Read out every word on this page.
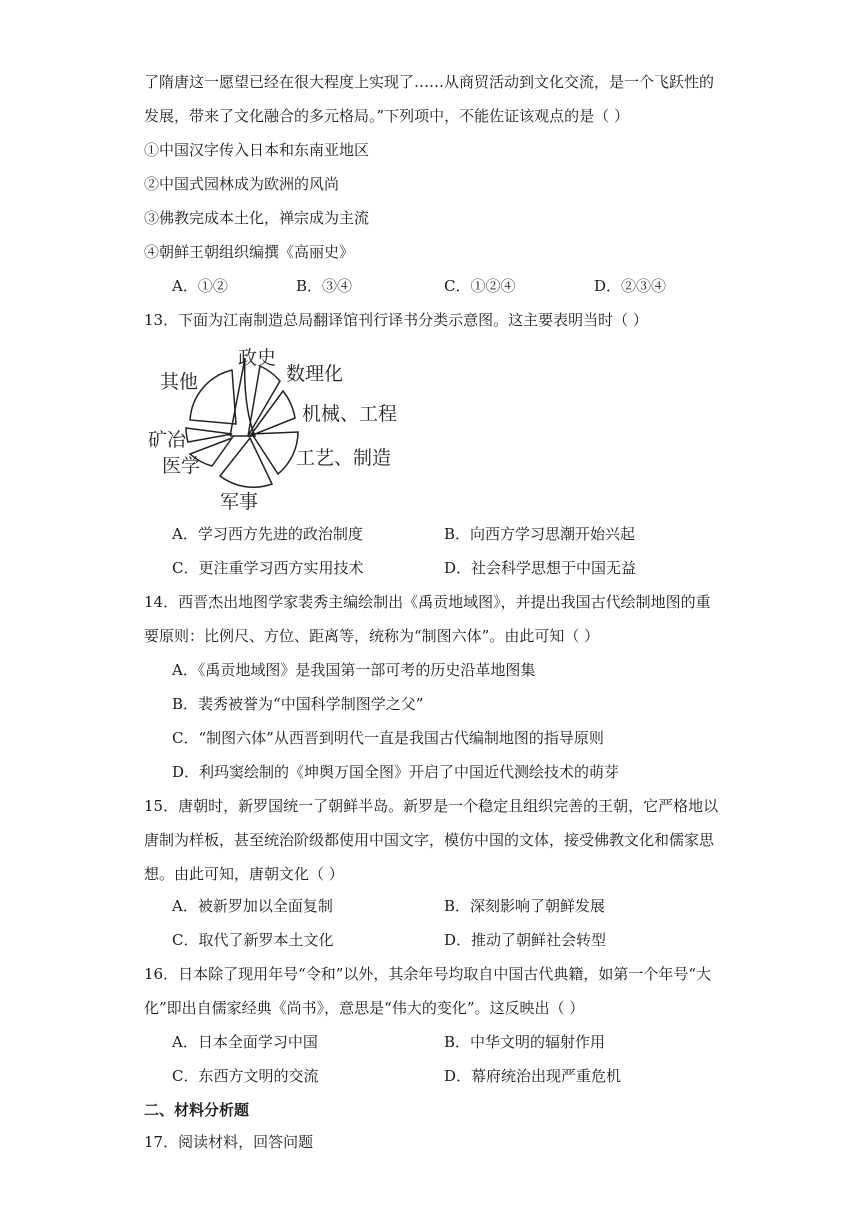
了隋唐这一愿望已经在很大程度上实现了……从商贸活动到文化交流，是一个飞跃性的
发展，带来了文化融合的多元格局。”下列项中，不能佐证该观点的是（ ）
①中国汉字传入日本和东南亚地区
②中国式园林成为欧洲的风尚
③佛教完成本土化，禅宗成为主流
④朝鲜王朝组织编撰《高丽史》
A．①②	B．③④	C．①②④	D．②③④
13．下面为江南制造总局翻译馆刊行译书分类示意图。这主要表明当时（ ）
政史
数理化
其他
机械、工程
矿冶
工艺、制造
医学
军事
A．学习西方先进的政治制度	B．向西方学习思潮开始兴起
C．更注重学习西方实用技术	D．社会科学思想于中国无益
14．西晋杰出地图学家裴秀主编绘制出《禹贡地域图》，并提出我国古代绘制地图的重
要原则：比例尺、方位、距离等，统称为“制图六体”。由此可知（ ）
A．《禹贡地域图》是我国第一部可考的历史沿革地图集
B．裴秀被誉为“中国科学制图学之父”
C．“制图六体”从西晋到明代一直是我国古代编制地图的指导原则
D．利玛窦绘制的《坤舆万国全图》开启了中国近代测绘技术的萌芽
15．唐朝时，新罗国统一了朝鲜半岛。新罗是一个稳定且组织完善的王朝，它严格地以
唐制为样板，甚至统治阶级都使用中国文字，模仿中国的文体，接受佛教文化和儒家思
想。由此可知，唐朝文化（ ）
A．被新罗加以全面复制	B．深刻影响了朝鲜发展
C．取代了新罗本土文化	D．推动了朝鲜社会转型
16．日本除了现用年号“令和”以外，其余年号均取自中国古代典籍，如第一个年号“大
化”即出自儒家经典《尚书》，意思是“伟大的变化”。这反映出（ ）
A．日本全面学习中国	B．中华文明的辐射作用
C．东西方文明的交流	D．幕府统治出现严重危机
二、材料分析题
17．阅读材料，回答问题
